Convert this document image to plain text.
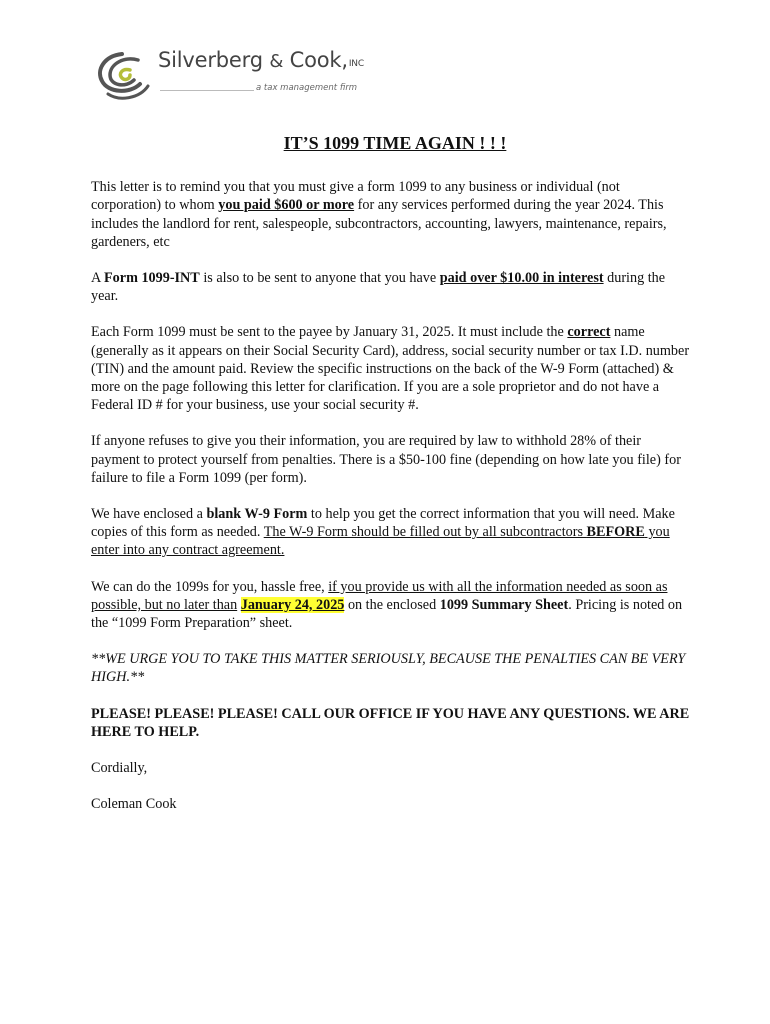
Silverberg & Cook,INC
a tax management firm
IT’S 1099 TIME AGAIN ! ! !

This letter is to remind you that you must give a form 1099 to any business or individual (not corporation) to whom you paid $600 or more for any services performed during the year 2024. This includes the landlord for rent, salespeople, subcontractors, accounting, lawyers, maintenance, repairs, gardeners, etc

A Form 1099-INT is also to be sent to anyone that you have paid over $10.00 in interest during the year.

Each Form 1099 must be sent to the payee by January 31, 2025. It must include the correct name (generally as it appears on their Social Security Card), address, social security number or tax I.D. number (TIN) and the amount paid. Review the specific instructions on the back of the W-9 Form (attached) & more on the page following this letter for clarification. If you are a sole proprietor and do not have a Federal ID # for your business, use your social security #.

If anyone refuses to give you their information, you are required by law to withhold 28% of their payment to protect yourself from penalties. There is a $50-100 fine (depending on how late you file) for failure to file a Form 1099 (per form).

We have enclosed a blank W-9 Form to help you get the correct information that you will need. Make copies of this form as needed. The W-9 Form should be filled out by all subcontractors BEFORE you enter into any contract agreement.

We can do the 1099s for you, hassle free, if you provide us with all the information needed as soon as possible, but no later than January 24, 2025 on the enclosed 1099 Summary Sheet. Pricing is noted on the “1099 Form Preparation” sheet.

**WE URGE YOU TO TAKE THIS MATTER SERIOUSLY, BECAUSE THE PENALTIES CAN BE VERY HIGH.**

PLEASE! PLEASE! PLEASE! CALL OUR OFFICE IF YOU HAVE ANY QUESTIONS. WE ARE HERE TO HELP.

Cordially,

Coleman Cook
